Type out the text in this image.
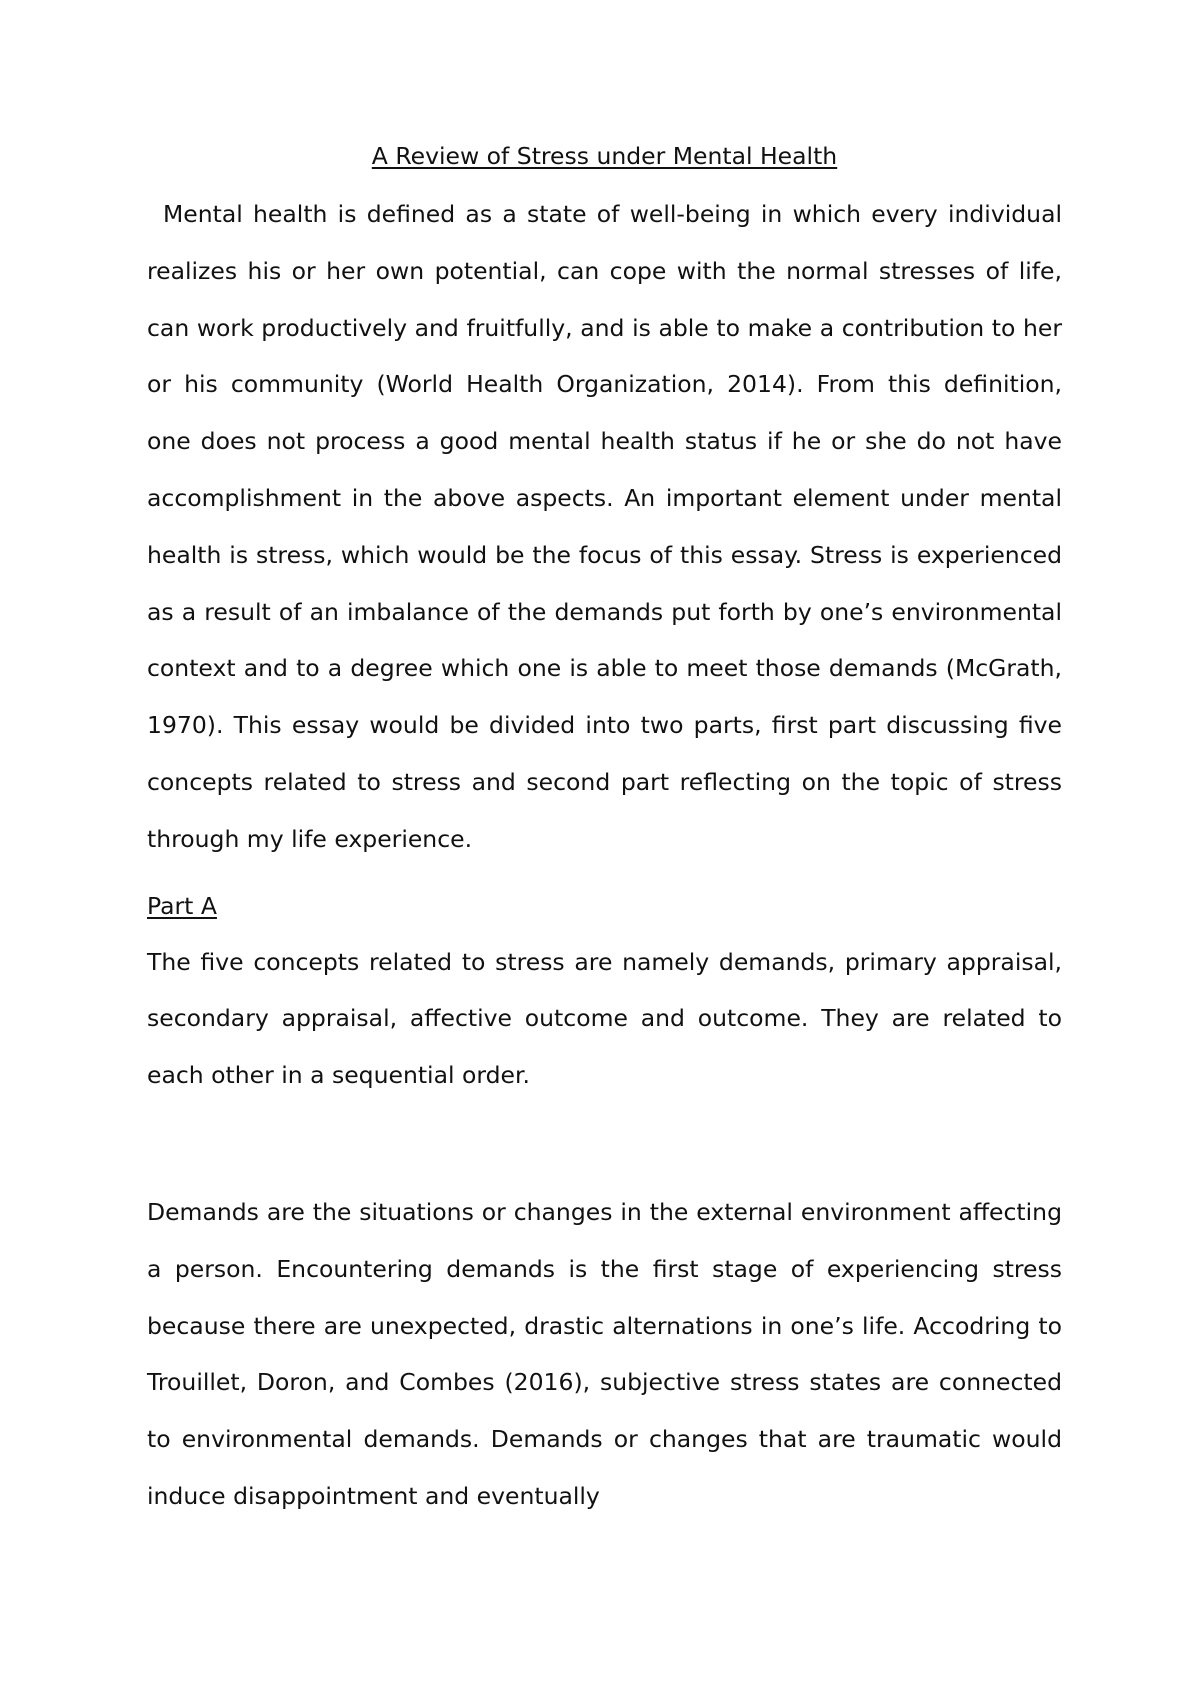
A Review of Stress under Mental Health

Mental health is defined as a state of well-being in which every individual realizes his or her own potential, can cope with the normal stresses of life, can work productively and fruitfully, and is able to make a contribution to her or his community (World Health Organization, 2014). From this definition, one does not process a good mental health status if he or she do not have accomplishment in the above aspects. An important element under mental health is stress, which would be the focus of this essay. Stress is experienced as a result of an imbalance of the demands put forth by one’s environmental context and to a degree which one is able to meet those demands (McGrath, 1970). This essay would be divided into two parts, first part discussing five concepts related to stress and second part reflecting on the topic of stress through my life experience.

Part A

The five concepts related to stress are namely demands, primary appraisal, secondary appraisal, affective outcome and outcome. They are related to each other in a sequential order.

Demands are the situations or changes in the external environment affecting a person. Encountering demands is the first stage of experiencing stress because there are unexpected, drastic alternations in one’s life. Accodring to Trouillet, Doron, and Combes (2016), subjective stress states are connected to environmental demands. Demands or changes that are traumatic would induce disappointment and eventually
